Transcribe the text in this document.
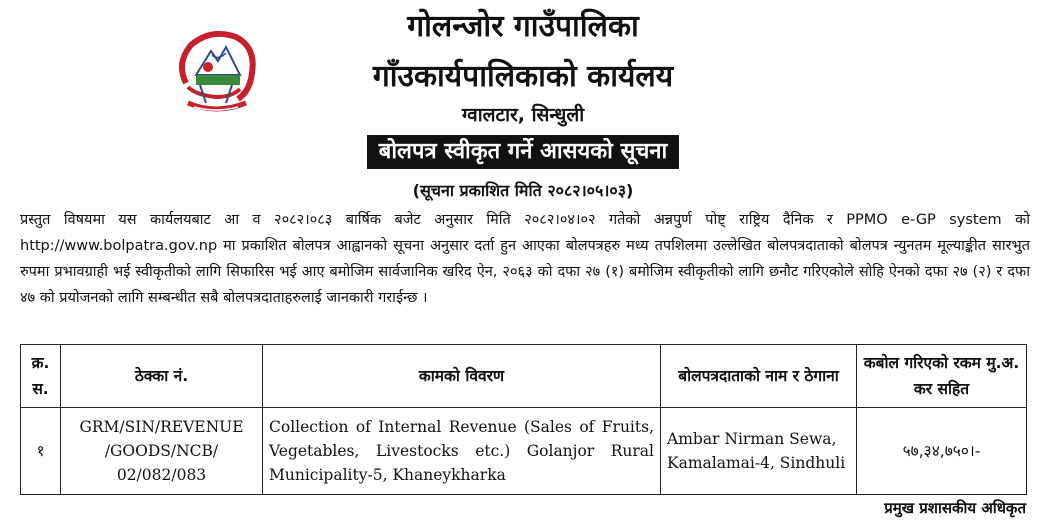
गोलन्जोर गाउँपालिका
गाँउकार्यपालिकाको कार्यलय
ग्वालटार, सिन्धुली
बोलपत्र स्वीकृत गर्ने आसयको सूचना
(सूचना प्रकाशित मिति २०८२।०५।०३)
प्रस्तुत विषयमा यस कार्यलयबाट आ व २०८२।०८३ बार्षिक बजेट अनुसार मिति २०८२।०४।०२ गतेको अन्नपुर्ण पोष्ट् राष्ट्रिय दैनिक र PPMO e-GP system को http://www.bolpatra.gov.np मा प्रकाशित बोलपत्र आह्वानको सूचना अनुसार दर्ता हुन आएका बोलपत्रहरु मध्य तपशिलमा उल्लेखित बोलपत्रदाताको बोलपत्र न्युनतम मूल्याङ्कीत सारभुत रुपमा प्रभावग्राही भई स्वीकृतीको लागि सिफारिस भई आए बमोजिम सार्वजानिक खरिद ऐन, २०६३ को दफा २७ (१) बमोजिम स्वीकृतीको लागि छनौट गरिएकोले सोहि ऐनको दफा २७ (२) र दफा ४७ को प्रयोजनको लागि सम्बन्धीत सबै बोलपत्रदाताहरुलाई जानकारी गराईन्छ ।
क्र. स.	ठेक्का नं.	कामको विवरण	बोलपत्रदाताको नाम र ठेगाना	कबोल गरिएको रकम मु.अ. कर सहित
१	GRM/SIN/REVENUE /GOODS/NCB/ 02/082/083	Collection of Internal Revenue (Sales of Fruits, Vegetables, Livestocks etc.) Golanjor Rural Municipality-5, Khaneykharka	Ambar Nirman Sewa, Kamalamai-4, Sindhuli	५७,३४,७५०।-
प्रमुख प्रशासकीय अधिकृत
